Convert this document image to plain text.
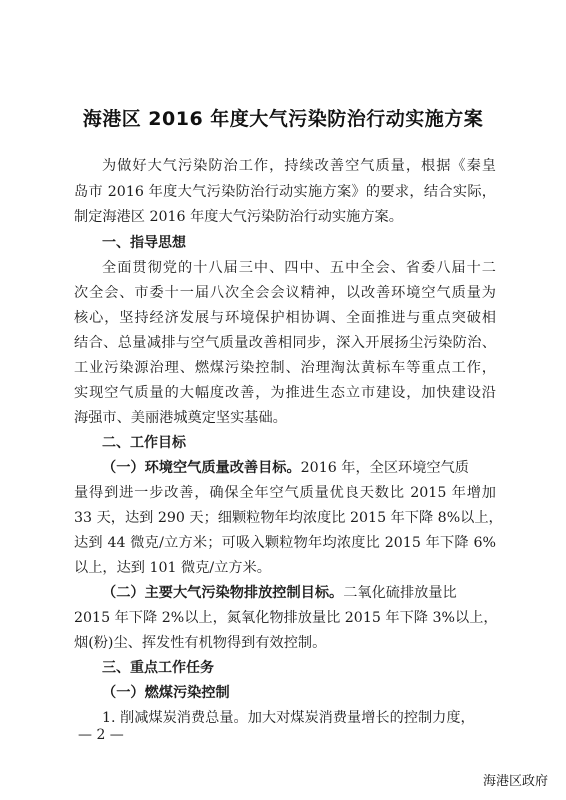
海港区 2016 年度大气污染防治行动实施方案
为做好大气污染防治工作，持续改善空气质量，根据《秦皇
岛市 2016 年度大气污染防治行动实施方案》的要求，结合实际，
制定海港区 2016 年度大气污染防治行动实施方案。
一、指导思想
全面贯彻党的十八届三中、四中、五中全会、省委八届十二
次全会、市委十一届八次全会会议精神，以改善环境空气质量为
核心，坚持经济发展与环境保护相协调、全面推进与重点突破相
结合、总量减排与空气质量改善相同步，深入开展扬尘污染防治、
工业污染源治理、燃煤污染控制、治理淘汰黄标车等重点工作，
实现空气质量的大幅度改善，为推进生态立市建设，加快建设沿
海强市、美丽港城奠定坚实基础。
二、工作目标
（一）环境空气质量改善目标。2016 年，全区环境空气质
量得到进一步改善，确保全年空气质量优良天数比 2015 年增加
33 天，达到 290 天；细颗粒物年均浓度比 2015 年下降 8%以上，
达到 44 微克/立方米；可吸入颗粒物年均浓度比 2015 年下降 6%
以上，达到 101 微克/立方米。
（二）主要大气污染物排放控制目标。二氧化硫排放量比
2015 年下降 2%以上，氮氧化物排放量比 2015 年下降 3%以上，
烟(粉)尘、挥发性有机物得到有效控制。
三、重点工作任务
（一）燃煤污染控制
1. 削减煤炭消费总量。加大对煤炭消费量增长的控制力度，
— 2 —
海港区政府
